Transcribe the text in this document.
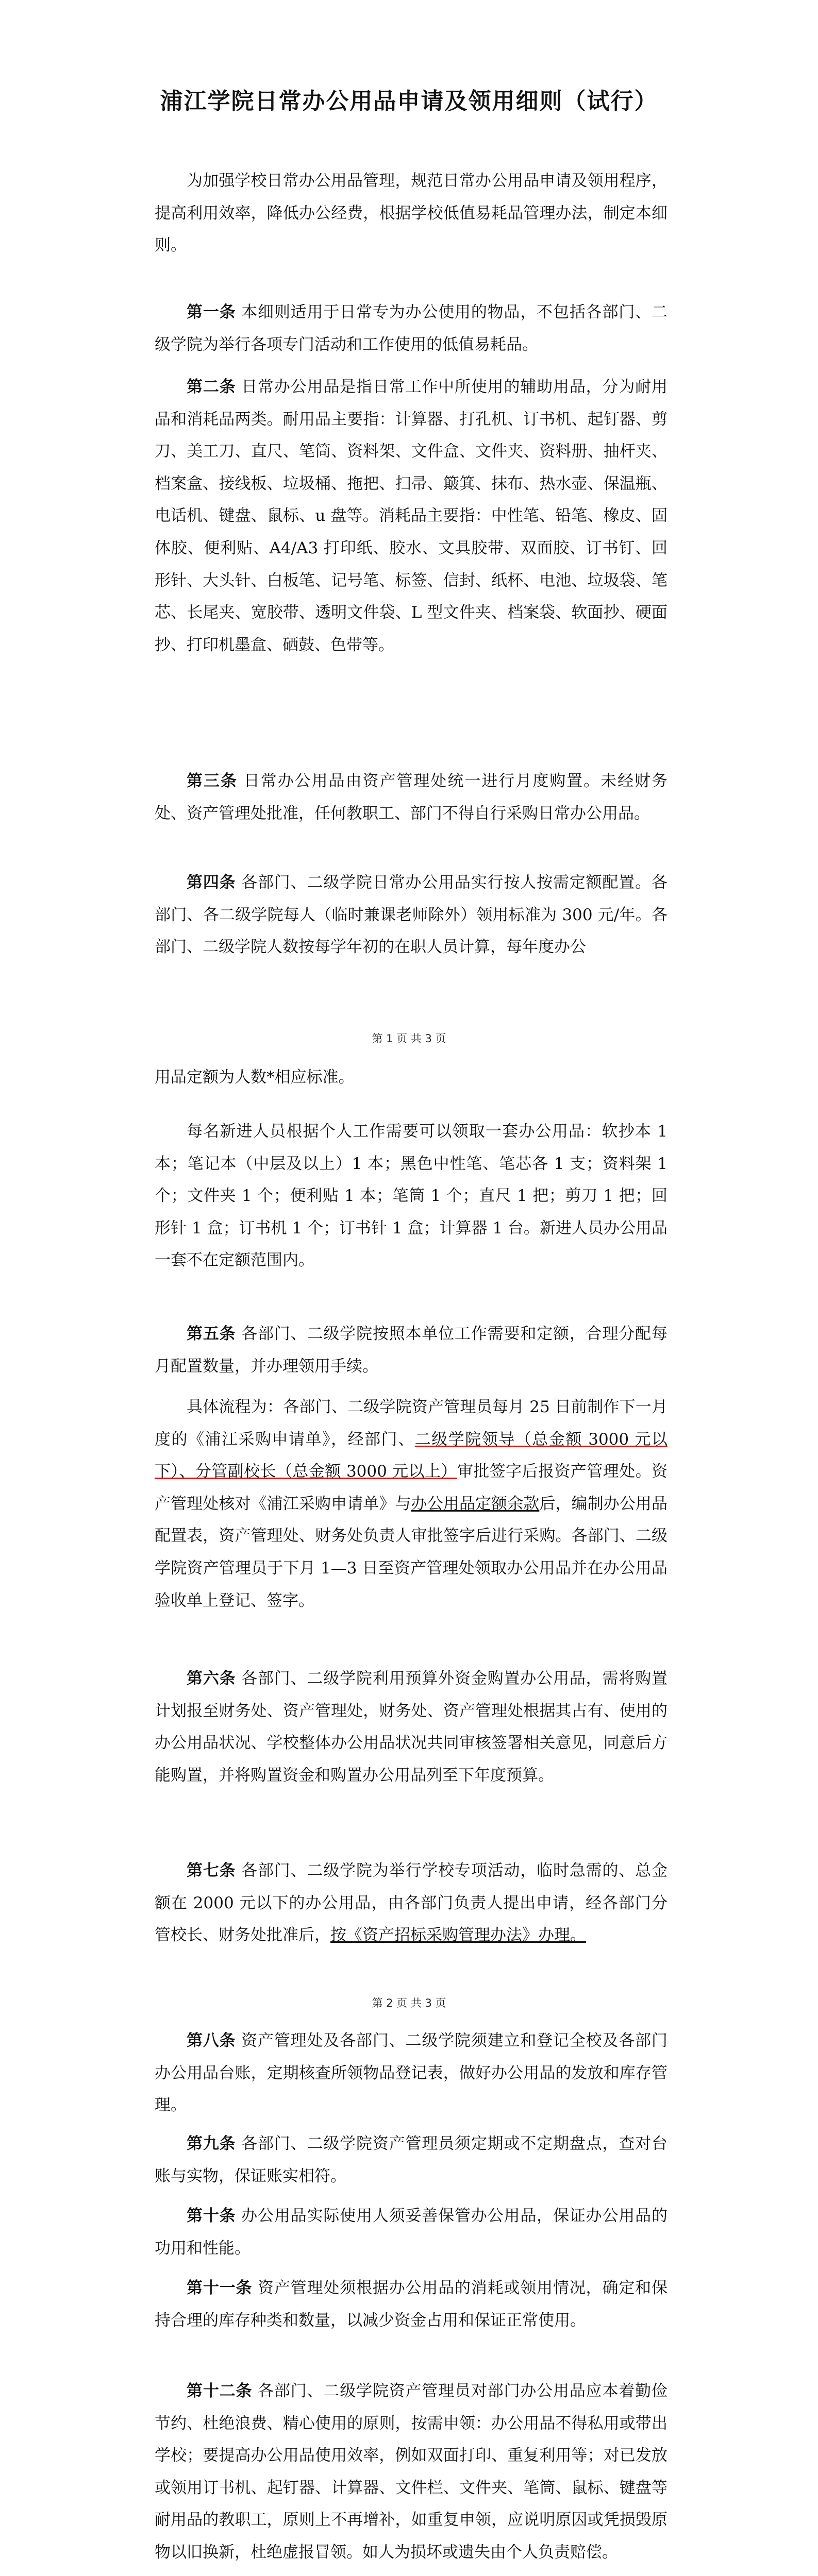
浦江学院日常办公用品申请及领用细则（试行）

为加强学校日常办公用品管理，规范日常办公用品申请及领用程序，提高利用效率，降低办公经费，根据学校低值易耗品管理办法，制定本细则。

第一条 本细则适用于日常专为办公使用的物品，不包括各部门、二级学院为举行各项专门活动和工作使用的低值易耗品。

第二条 日常办公用品是指日常工作中所使用的辅助用品，分为耐用品和消耗品两类。耐用品主要指：计算器、打孔机、订书机、起钉器、剪刀、美工刀、直尺、笔筒、资料架、文件盒、文件夹、资料册、抽杆夹、档案盒、接线板、垃圾桶、拖把、扫帚、簸箕、抹布、热水壶、保温瓶、电话机、键盘、鼠标、u 盘等。消耗品主要指：中性笔、铅笔、橡皮、固体胶、便利贴、A4/A3 打印纸、胶水、文具胶带、双面胶、订书钉、回形针、大头针、白板笔、记号笔、标签、信封、纸杯、电池、垃圾袋、笔芯、长尾夹、宽胶带、透明文件袋、L 型文件夹、档案袋、软面抄、硬面抄、打印机墨盒、硒鼓、色带等。

第三条 日常办公用品由资产管理处统一进行月度购置。未经财务处、资产管理处批准，任何教职工、部门不得自行采购日常办公用品。

第四条 各部门、二级学院日常办公用品实行按人按需定额配置。各部门、各二级学院每人（临时兼课老师除外）领用标准为 300 元/年。各部门、二级学院人数按每学年初的在职人员计算，每年度办公

第 1 页 共 3 页

用品定额为人数*相应标准。

每名新进人员根据个人工作需要可以领取一套办公用品：软抄本 1 本；笔记本（中层及以上）1 本；黑色中性笔、笔芯各 1 支；资料架 1 个；文件夹 1 个；便利贴 1 本；笔筒 1 个；直尺 1 把；剪刀 1 把；回形针 1 盒；订书机 1 个；订书针 1 盒；计算器 1 台。新进人员办公用品一套不在定额范围内。

第五条 各部门、二级学院按照本单位工作需要和定额，合理分配每月配置数量，并办理领用手续。

具体流程为：各部门、二级学院资产管理员每月 25 日前制作下一月度的《浦江采购申请单》，经部门、二级学院领导（总金额 3000 元以下）、分管副校长（总金额 3000 元以上）审批签字后报资产管理处。资产管理处核对《浦江采购申请单》与办公用品定额余款后，编制办公用品配置表，资产管理处、财务处负责人审批签字后进行采购。各部门、二级学院资产管理员于下月 1—3 日至资产管理处领取办公用品并在办公用品验收单上登记、签字。

第六条 各部门、二级学院利用预算外资金购置办公用品，需将购置计划报至财务处、资产管理处，财务处、资产管理处根据其占有、使用的办公用品状况、学校整体办公用品状况共同审核签署相关意见，同意后方能购置，并将购置资金和购置办公用品列至下年度预算。

第七条 各部门、二级学院为举行学校专项活动，临时急需的、总金额在 2000 元以下的办公用品，由各部门负责人提出申请，经各部门分管校长、财务处批准后，按《资产招标采购管理办法》办理。

第 2 页 共 3 页

第八条 资产管理处及各部门、二级学院须建立和登记全校及各部门办公用品台账，定期核查所领物品登记表，做好办公用品的发放和库存管理。

第九条 各部门、二级学院资产管理员须定期或不定期盘点，查对台账与实物，保证账实相符。

第十条 办公用品实际使用人须妥善保管办公用品，保证办公用品的功用和性能。

第十一条 资产管理处须根据办公用品的消耗或领用情况，确定和保持合理的库存种类和数量，以减少资金占用和保证正常使用。

第十二条 各部门、二级学院资产管理员对部门办公用品应本着勤俭节约、杜绝浪费、精心使用的原则，按需申领：办公用品不得私用或带出学校；要提高办公用品使用效率，例如双面打印、重复利用等；对已发放或领用订书机、起钉器、计算器、文件栏、文件夹、笔筒、鼠标、键盘等耐用品的教职工，原则上不再增补，如重复申领，应说明原因或凭损毁原物以旧换新，杜绝虚报冒领。如人为损坏或遗失由个人负责赔偿。
